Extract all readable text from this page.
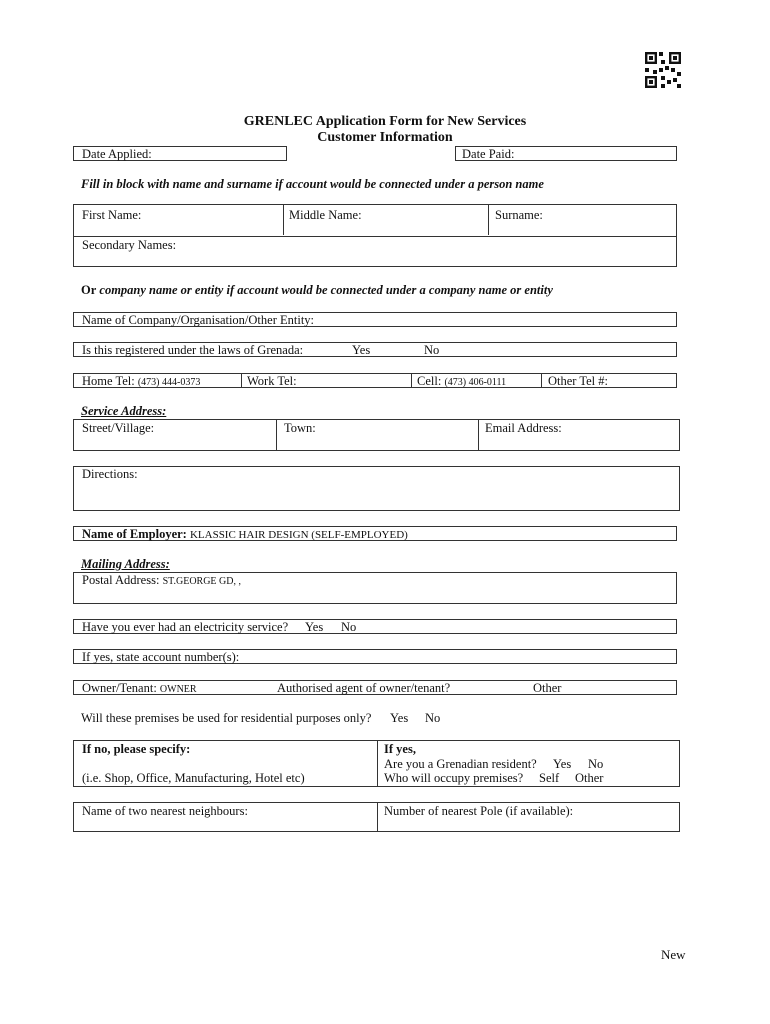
GRENLEC Application Form for New Services
Customer Information
Date Applied:	Date Paid:
Fill in block with name and surname if account would be connected under a person name
First Name:	Middle Name:	Surname:
Secondary Names:
Or company name or entity if account would be connected under a company name or entity
Name of Company/Organisation/Other Entity:
Is this registered under the laws of Grenada:	Yes	No
Home Tel: (473) 444-0373	Work Tel:	Cell: (473) 406-0111	Other Tel #:
Service Address:
Street/Village:	Town:	Email Address:
Directions:
Name of Employer: KLASSIC HAIR DESIGN (SELF-EMPLOYED)
Mailing Address:
Postal Address: ST.GEORGE GD, ,
Have you ever had an electricity service? Yes No
If yes, state account number(s):
Owner/Tenant: OWNER	Authorised agent of owner/tenant?	Other
Will these premises be used for residential purposes only? Yes No
If no, please specify:
(i.e. Shop, Office, Manufacturing, Hotel etc)
If yes,
Are you a Grenadian resident? Yes No
Who will occupy premises? Self Other
Name of two nearest neighbours:	Number of nearest Pole (if available):
New
